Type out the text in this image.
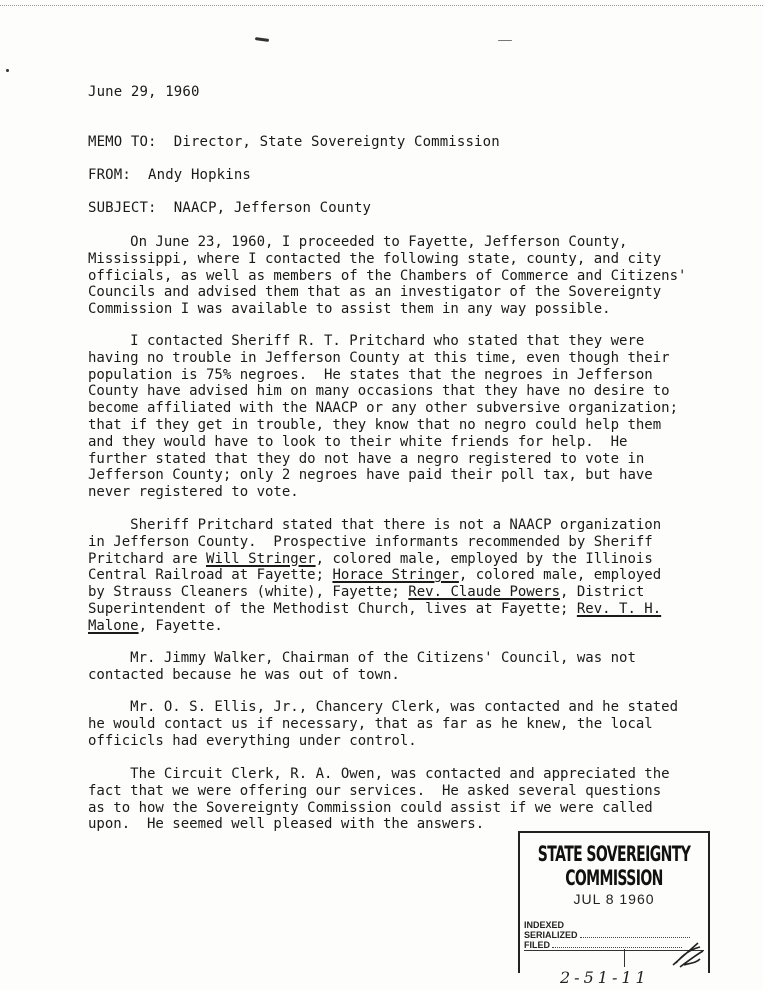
June 29, 1960
MEMO TO:  Director, State Sovereignty Commission
FROM:  Andy Hopkins
SUBJECT:  NAACP, Jefferson County
On June 23, 1960, I proceeded to Fayette, Jefferson County,
Mississippi, where I contacted the following state, county, and city
officials, as well as members of the Chambers of Commerce and Citizens'
Councils and advised them that as an investigator of the Sovereignty
Commission I was available to assist them in any way possible.
I contacted Sheriff R. T. Pritchard who stated that they were
having no trouble in Jefferson County at this time, even though their
population is 75% negroes.  He states that the negroes in Jefferson
County have advised him on many occasions that they have no desire to
become affiliated with the NAACP or any other subversive organization;
that if they get in trouble, they know that no negro could help them
and they would have to look to their white friends for help.  He
further stated that they do not have a negro registered to vote in
Jefferson County; only 2 negroes have paid their poll tax, but have
never registered to vote.
Sheriff Pritchard stated that there is not a NAACP organization
in Jefferson County.  Prospective informants recommended by Sheriff
Pritchard are Will Stringer, colored male, employed by the Illinois
Central Railroad at Fayette; Horace Stringer, colored male, employed
by Strauss Cleaners (white), Fayette; Rev. Claude Powers, District
Superintendent of the Methodist Church, lives at Fayette; Rev. T. H.
Malone, Fayette.
Mr. Jimmy Walker, Chairman of the Citizens' Council, was not
contacted because he was out of town.
Mr. O. S. Ellis, Jr., Chancery Clerk, was contacted and he stated
he would contact us if necessary, that as far as he knew, the local
officicls had everything under control.
The Circuit Clerk, R. A. Owen, was contacted and appreciated the
fact that we were offering our services.  He asked several questions
as to how the Sovereignty Commission could assist if we were called
upon.  He seemed well pleased with the answers.
STATE SOVEREIGNTY COMMISSION
JUL 8 1960
INDEXED
SERIALIZED
FILED
2-51-11
